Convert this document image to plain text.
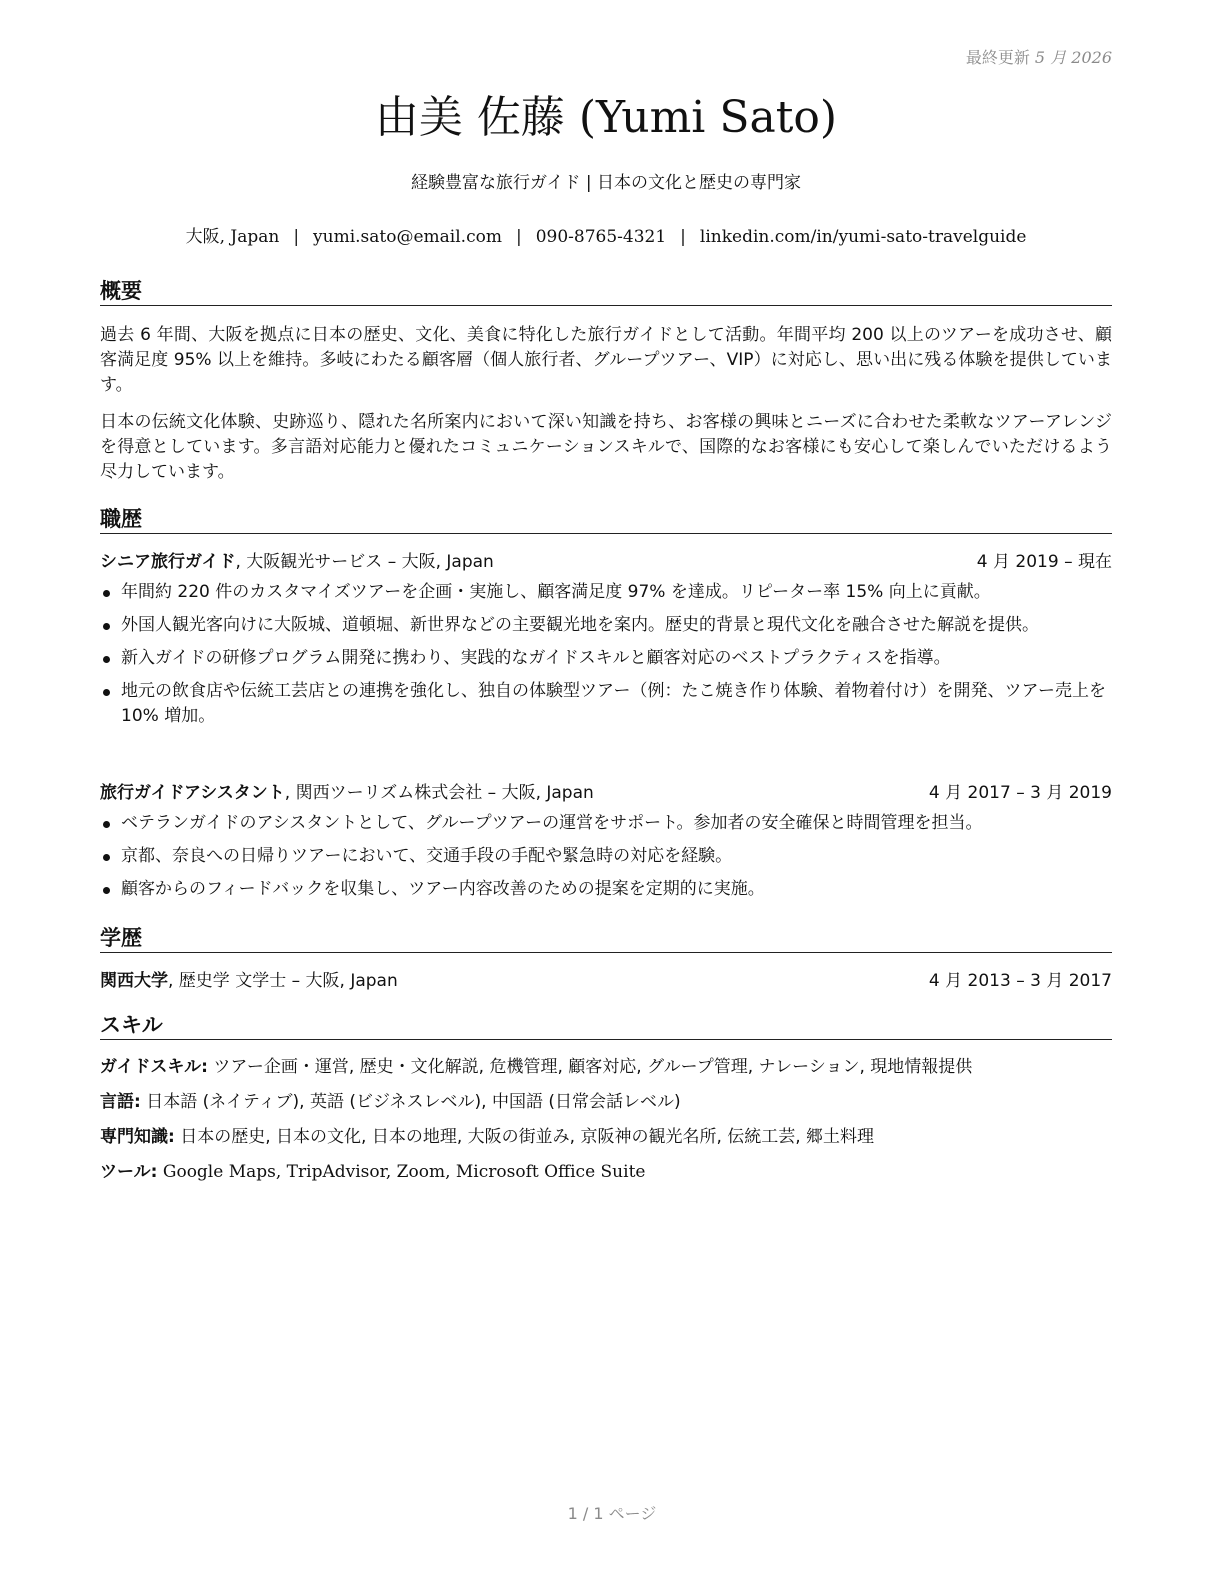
最終更新 5 月 2026
由美 佐藤 (Yumi Sato)
経験豊富な旅行ガイド | 日本の文化と歴史の専門家
大阪, Japan | yumi.sato@email.com | 090-8765-4321 | linkedin.com/in/yumi-sato-travelguide
概要
過去 6 年間、大阪を拠点に日本の歴史、文化、美食に特化した旅行ガイドとして活動。年間平均 200 以上のツアーを成功させ、顧客満足度 95% 以上を維持。多岐にわたる顧客層（個人旅行者、グループツアー、VIP）に対応し、思い出に残る体験を提供しています。
日本の伝統文化体験、史跡巡り、隠れた名所案内において深い知識を持ち、お客様の興味とニーズに合わせた柔軟なツアーアレンジを得意としています。多言語対応能力と優れたコミュニケーションスキルで、国際的なお客様にも安心して楽しんでいただけるよう尽力しています。
職歴
シニア旅行ガイド, 大阪観光サービス – 大阪, Japan	4 月 2019 – 現在
年間約 220 件のカスタマイズツアーを企画・実施し、顧客満足度 97% を達成。リピーター率 15% 向上に貢献。
外国人観光客向けに大阪城、道頓堀、新世界などの主要観光地を案内。歴史的背景と現代文化を融合させた解説を提供。
新入ガイドの研修プログラム開発に携わり、実践的なガイドスキルと顧客対応のベストプラクティスを指導。
地元の飲食店や伝統工芸店との連携を強化し、独自の体験型ツアー（例：たこ焼き作り体験、着物着付け）を開発、ツアー売上を 10% 増加。
旅行ガイドアシスタント, 関西ツーリズム株式会社 – 大阪, Japan	4 月 2017 – 3 月 2019
ベテランガイドのアシスタントとして、グループツアーの運営をサポート。参加者の安全確保と時間管理を担当。
京都、奈良への日帰りツアーにおいて、交通手段の手配や緊急時の対応を経験。
顧客からのフィードバックを収集し、ツアー内容改善のための提案を定期的に実施。
学歴
関西大学, 歴史学 文学士 – 大阪, Japan	4 月 2013 – 3 月 2017
スキル
ガイドスキル: ツアー企画・運営, 歴史・文化解説, 危機管理, 顧客対応, グループ管理, ナレーション, 現地情報提供
言語: 日本語 (ネイティブ), 英語 (ビジネスレベル), 中国語 (日常会話レベル)
専門知識: 日本の歴史, 日本の文化, 日本の地理, 大阪の街並み, 京阪神の観光名所, 伝統工芸, 郷土料理
ツール: Google Maps, TripAdvisor, Zoom, Microsoft Office Suite
1 / 1 ページ
